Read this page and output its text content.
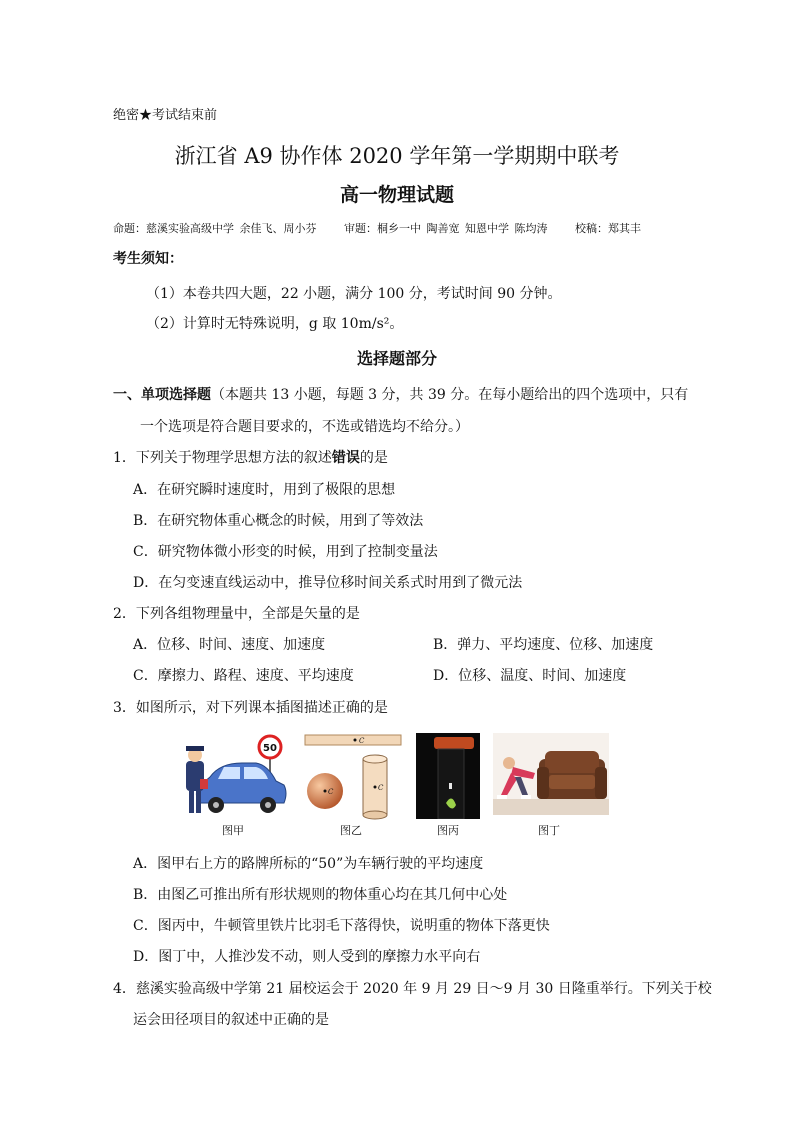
绝密★考试结束前
浙江省 A9 协作体 2020 学年第一学期期中联考
高一物理试题
命题：慈溪实验高级中学 余佳飞、周小芬	审题：桐乡一中 陶善宽 知恩中学 陈均涛	校稿：郑其丰
考生须知：
（1）本卷共四大题，22 小题，满分 100 分，考试时间 90 分钟。
（2）计算时无特殊说明，g 取 10m/s²。
选择题部分
一、单项选择题（本题共 13 小题，每题 3 分，共 39 分。在每小题给出的四个选项中，只有
一个选项是符合题目要求的，不选或错选均不给分。）
1．下列关于物理学思想方法的叙述错误的是
A．在研究瞬时速度时，用到了极限的思想
B．在研究物体重心概念的时候，用到了等效法
C．研究物体微小形变的时候，用到了控制变量法
D．在匀变速直线运动中，推导位移时间关系式时用到了微元法
2．下列各组物理量中，全部是矢量的是
A．位移、时间、速度、加速度	B．弹力、平均速度、位移、加速度
C．摩擦力、路程、速度、平均速度	D．位移、温度、时间、加速度
3．如图所示，对下列课本插图描述正确的是
50
图甲
C
C	C
图乙	图丙	图丁
A．图甲右上方的路牌所标的“50”为车辆行驶的平均速度
B．由图乙可推出所有形状规则的物体重心均在其几何中心处
C．图丙中，牛顿管里铁片比羽毛下落得快，说明重的物体下落更快
D．图丁中，人推沙发不动，则人受到的摩擦力水平向右
4．慈溪实验高级中学第 21 届校运会于 2020 年 9 月 29 日～9 月 30 日隆重举行。下列关于校
运会田径项目的叙述中正确的是
